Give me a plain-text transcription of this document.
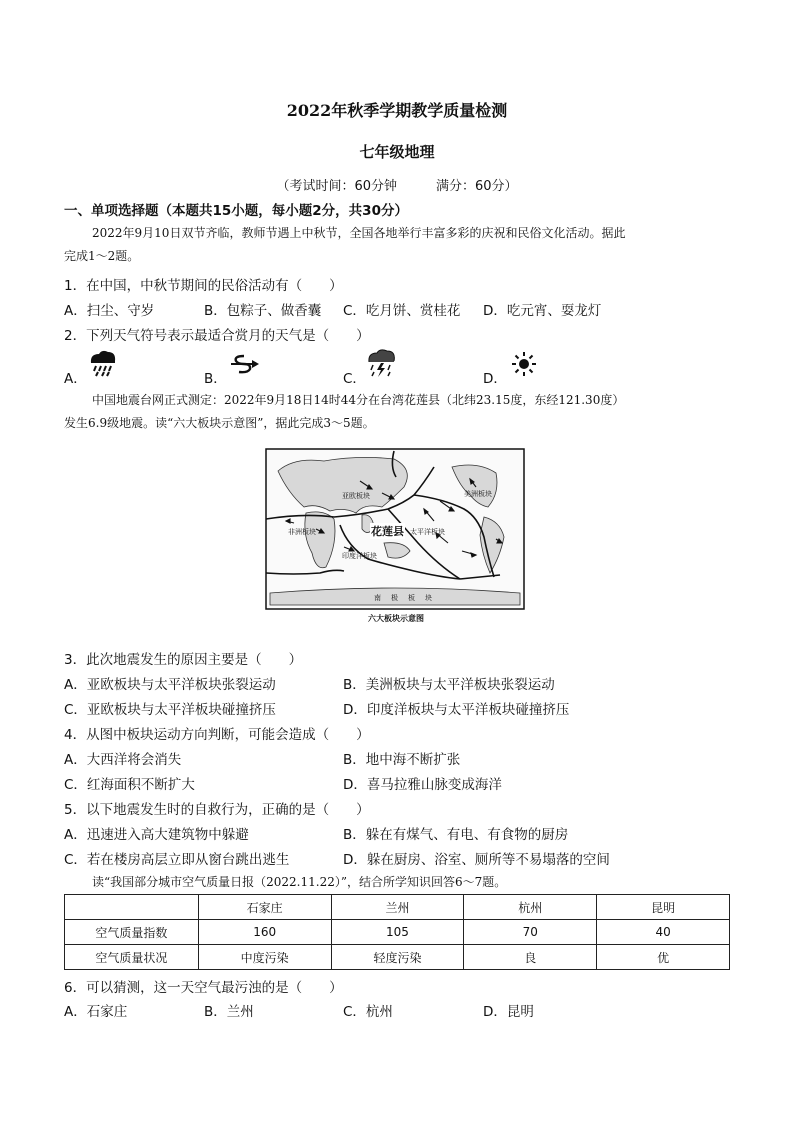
2022年秋季学期教学质量检测
七年级地理
（考试时间：60分钟　　　满分：60分）
一、单项选择题（本题共15小题，每小题2分，共30分）
2022年9月10日双节齐临，教师节遇上中秋节，全国各地举行丰富多彩的庆祝和民俗文化活动。据此
完成1～2题。
1．在中国，中秋节期间的民俗活动有（　　）
A．扫尘、守岁	B．包粽子、做香囊 C．吃月饼、赏桂花 D．吃元宵、耍龙灯
2．下列天气符号表示最适合赏月的天气是（　　）
A．	B．	C．	D．
中国地震台网正式测定：2022年9月18日14时44分在台湾花莲县（北纬23.15度，东经121.30度）
发生6.9级地震。读“六大板块示意图”，据此完成3～5题。
亚欧板块
非洲板块
印度洋板块
太平洋板块
美洲板块
南极板块
花莲县
六大板块示意图
3．此次地震发生的原因主要是（　　）
A．亚欧板块与太平洋板块张裂运动	B．美洲板块与太平洋板块张裂运动
C．亚欧板块与太平洋板块碰撞挤压	D．印度洋板块与太平洋板块碰撞挤压
4．从图中板块运动方向判断，可能会造成（　　）
A．大西洋将会消失	B．地中海不断扩张
C．红海面积不断扩大	D．喜马拉雅山脉变成海洋
5．以下地震发生时的自救行为，正确的是（　　）
A．迅速进入高大建筑物中躲避	B．躲在有煤气、有电、有食物的厨房
C．若在楼房高层立即从窗台跳出逃生	D．躲在厨房、浴室、厕所等不易塌落的空间
读“我国部分城市空气质量日报（2022.11.22）”，结合所学知识回答6～7题。
	石家庄	兰州	杭州	昆明
空气质量指数	160	105	70	40
空气质量状况	中度污染	轻度污染	良	优
6．可以猜测，这一天空气最污浊的是（　　）
A．石家庄	B．兰州	C．杭州	D．昆明
